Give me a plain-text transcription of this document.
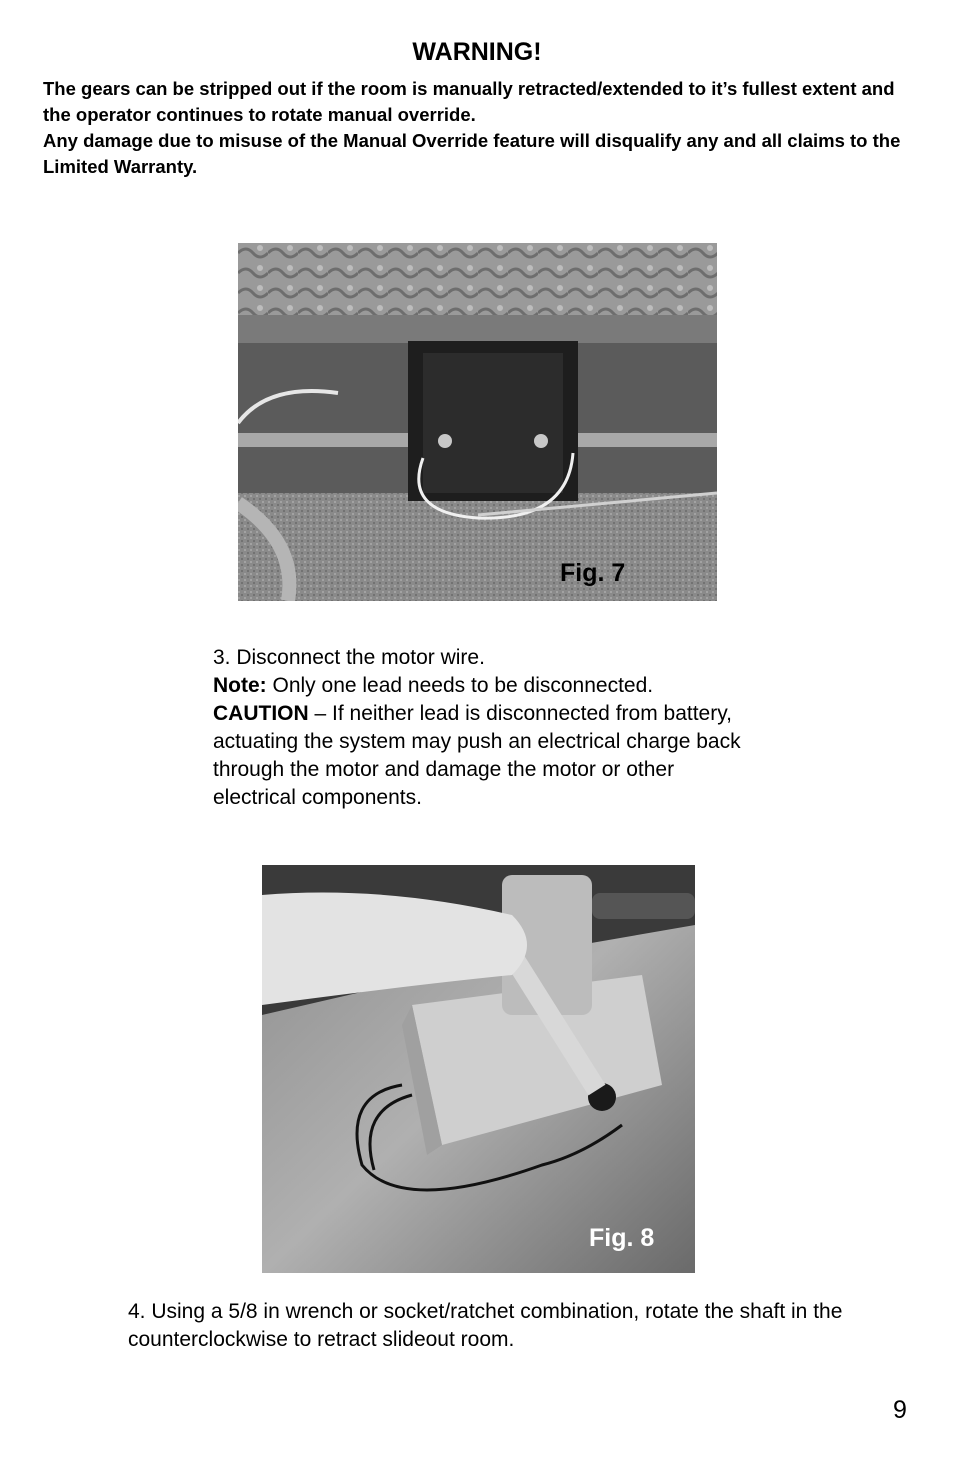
WARNING!

The gears can be stripped out if the room is manually retracted/extended to it’s fullest extent and the operator continues to rotate manual override.

Any damage due to misuse of the Manual Override feature will disqualify any and all claims to the Limited Warranty.

Fig. 7

3. Disconnect the motor wire.

Note: Only one lead needs to be disconnected.

CAUTION – If neither lead is disconnected from battery, actuating the system may push an electrical charge back through the motor and damage the motor or other electrical components.

Fig. 8

4. Using a 5/8 in wrench or socket/ratchet combination, rotate the shaft in the counterclockwise to retract slideout room.

9
